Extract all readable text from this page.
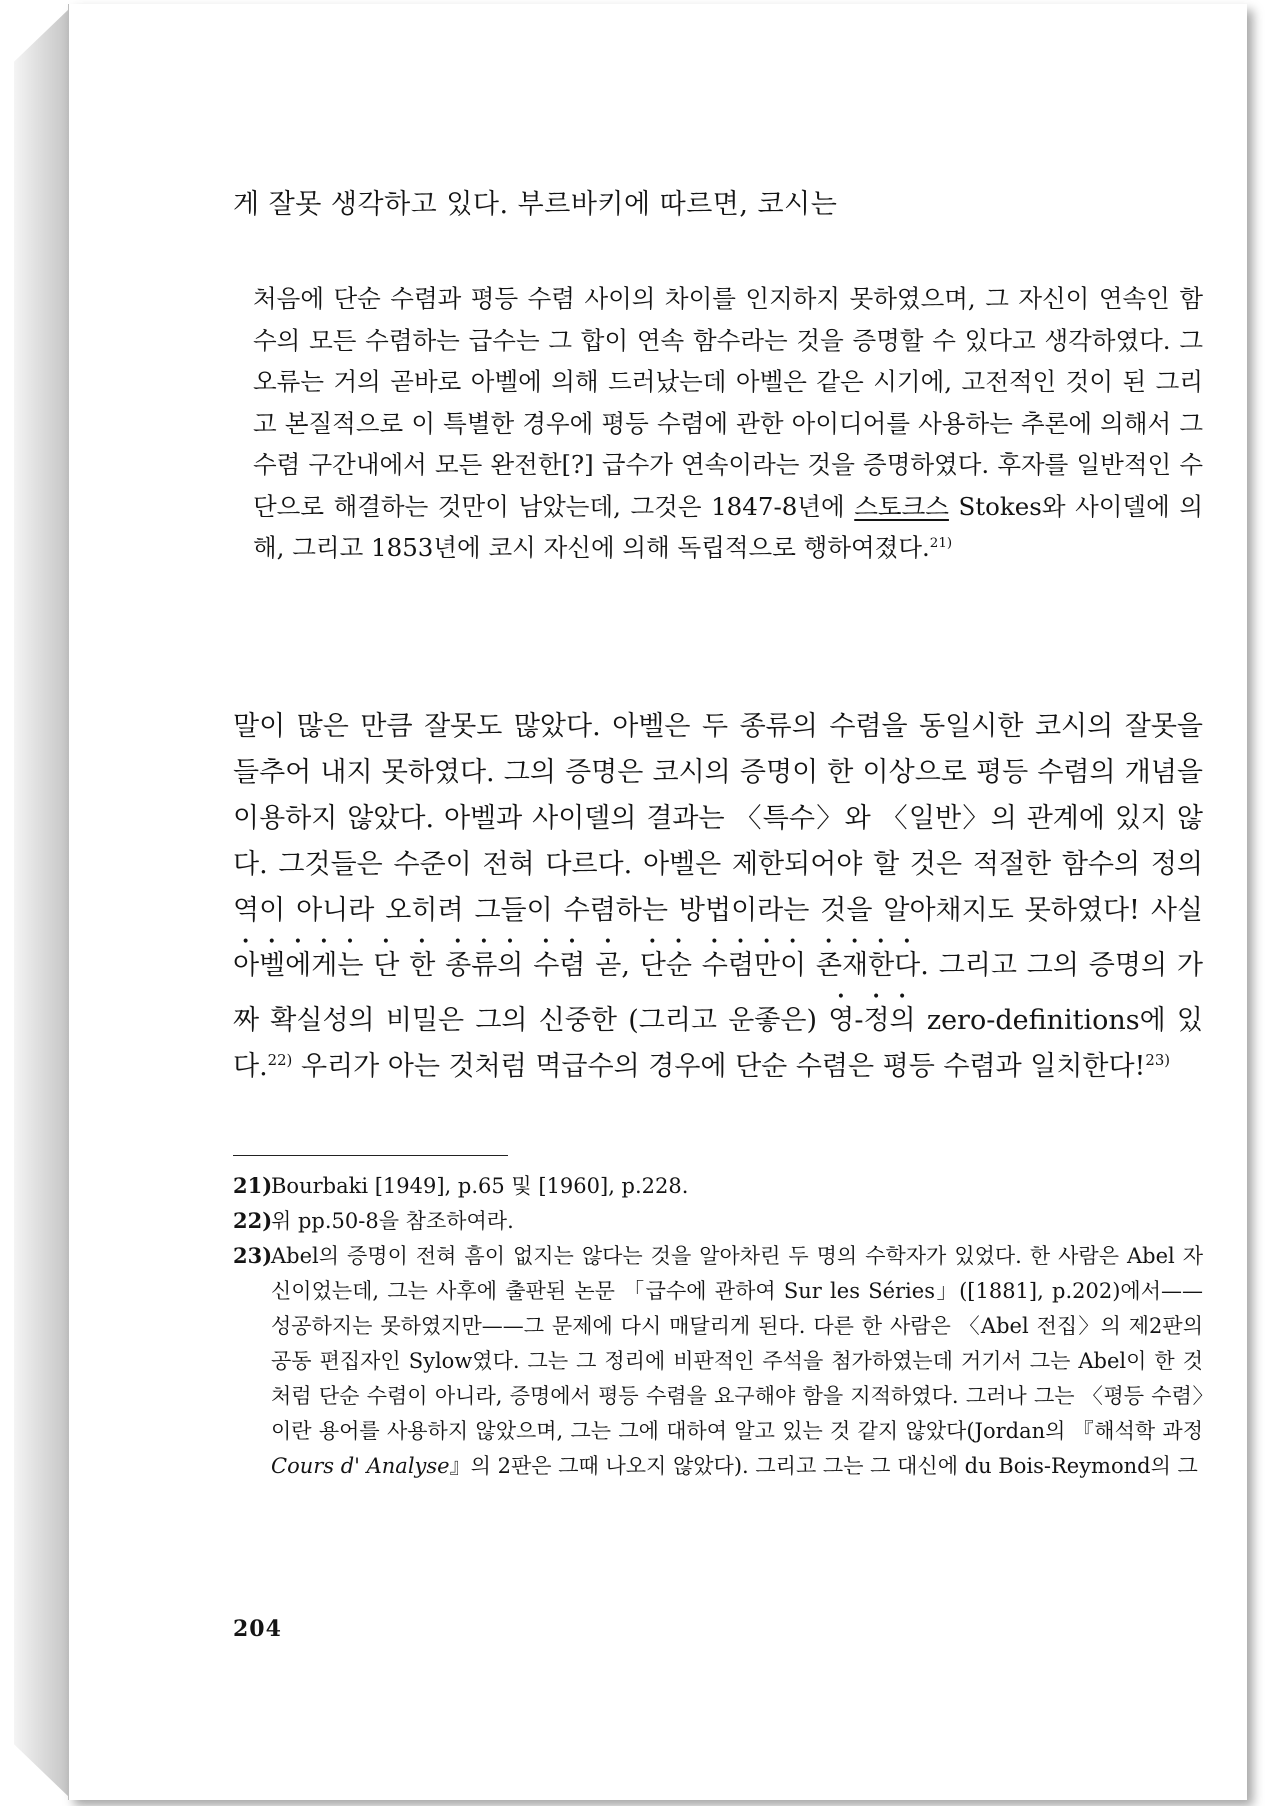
게 잘못 생각하고 있다. 부르바키에 따르면, 코시는
처음에 단순 수렴과 평등 수렴 사이의 차이를 인지하지 못하였으며, 그 자신이 연속인 함수의 모든 수렴하는 급수는 그 합이 연속 함수라는 것을 증명할 수 있다고 생각하였다. 그 오류는 거의 곧바로 아벨에 의해 드러났는데 아벨은 같은 시기에, 고전적인 것이 된 그리고 본질적으로 이 특별한 경우에 평등 수렴에 관한 아이디어를 사용하는 추론에 의해서 그 수렴 구간내에서 모든 완전한[?] 급수가 연속이라는 것을 증명하였다. 후자를 일반적인 수단으로 해결하는 것만이 남았는데, 그것은 1847-8년에 스토크스 Stokes와 사이델에 의해, 그리고 1853년에 코시 자신에 의해 독립적으로 행하여졌다.$^{21)}$
말이 많은 만큼 잘못도 많았다. 아벨은 두 종류의 수렴을 동일시한 코시의 잘못을 들추어 내지 못하였다. 그의 증명은 코시의 증명이 한 이상으로 평등 수렴의 개념을 이용하지 않았다. 아벨과 사이델의 결과는 〈특수〉와 〈일반〉의 관계에 있지 않다. 그것들은 수준이 전혀 다르다. 아벨은 제한되어야 할 것은 적절한 함수의 정의역이 아니라 오히려 그들이 수렴하는 방법이라는 것을 알아채지도 못하였다! 사실 아벨에게는 단 한 종류의 수렴 곧, 단순 수렴만이 존재한다. 그리고 그의 증명의 가짜 확실성의 비밀은 그의 신중한 (그리고 운좋은) 영-정의 zero-definitions에 있다.$^{22)}$ 우리가 아는 것처럼 멱급수의 경우에 단순 수렴은 평등 수렴과 일치한다!$^{23)}$
21)Bourbaki [1949], p.65 및 [1960], p.228.
22)위 pp.50-8을 참조하여라.
23)Abel의 증명이 전혀 흠이 없지는 않다는 것을 알아차린 두 명의 수학자가 있었다. 한 사람은 Abel 자신이었는데, 그는 사후에 출판된 논문 「급수에 관하여 Sur les Séries」([1881], p.202)에서——성공하지는 못하였지만——그 문제에 다시 매달리게 된다. 다른 한 사람은 〈Abel 전집〉의 제2판의 공동 편집자인 Sylow였다. 그는 그 정리에 비판적인 주석을 첨가하였는데 거기서 그는 Abel이 한 것처럼 단순 수렴이 아니라, 증명에서 평등 수렴을 요구해야 함을 지적하였다. 그러나 그는 〈평등 수렴〉이란 용어를 사용하지 않았으며, 그는 그에 대하여 알고 있는 것 같지 않았다(Jordan의 『해석학 과정 Cours d' Analyse』의 2판은 그때 나오지 않았다). 그리고 그는 그 대신에 du Bois-Reymond의 그
204
